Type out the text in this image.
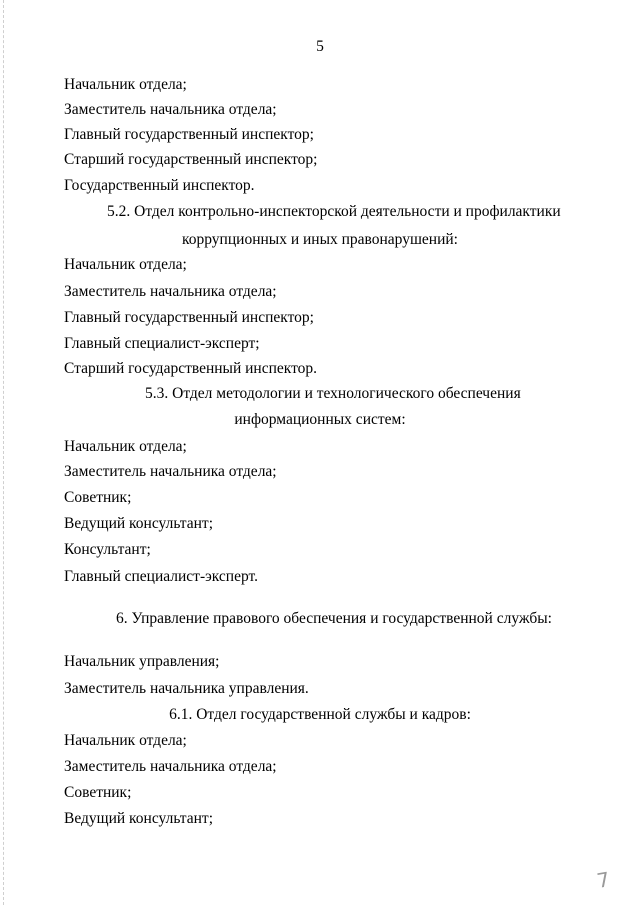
5
Начальник отдела;
Заместитель начальника отдела;
Главный государственный инспектор;
Старший государственный инспектор;
Государственный инспектор.
5.2. Отдел контрольно-инспекторской деятельности и профилактики
коррупционных и иных правонарушений:
Начальник отдела;
Заместитель начальника отдела;
Главный государственный инспектор;
Главный специалист-эксперт;
Старший государственный инспектор.
5.3. Отдел методологии и технологического обеспечения
информационных систем:
Начальник отдела;
Заместитель начальника отдела;
Советник;
Ведущий консультант;
Консультант;
Главный специалист-эксперт.
6. Управление правового обеспечения и государственной службы:
Начальник управления;
Заместитель начальника управления.
6.1. Отдел государственной службы и кадров:
Начальник отдела;
Заместитель начальника отдела;
Советник;
Ведущий консультант;
7
